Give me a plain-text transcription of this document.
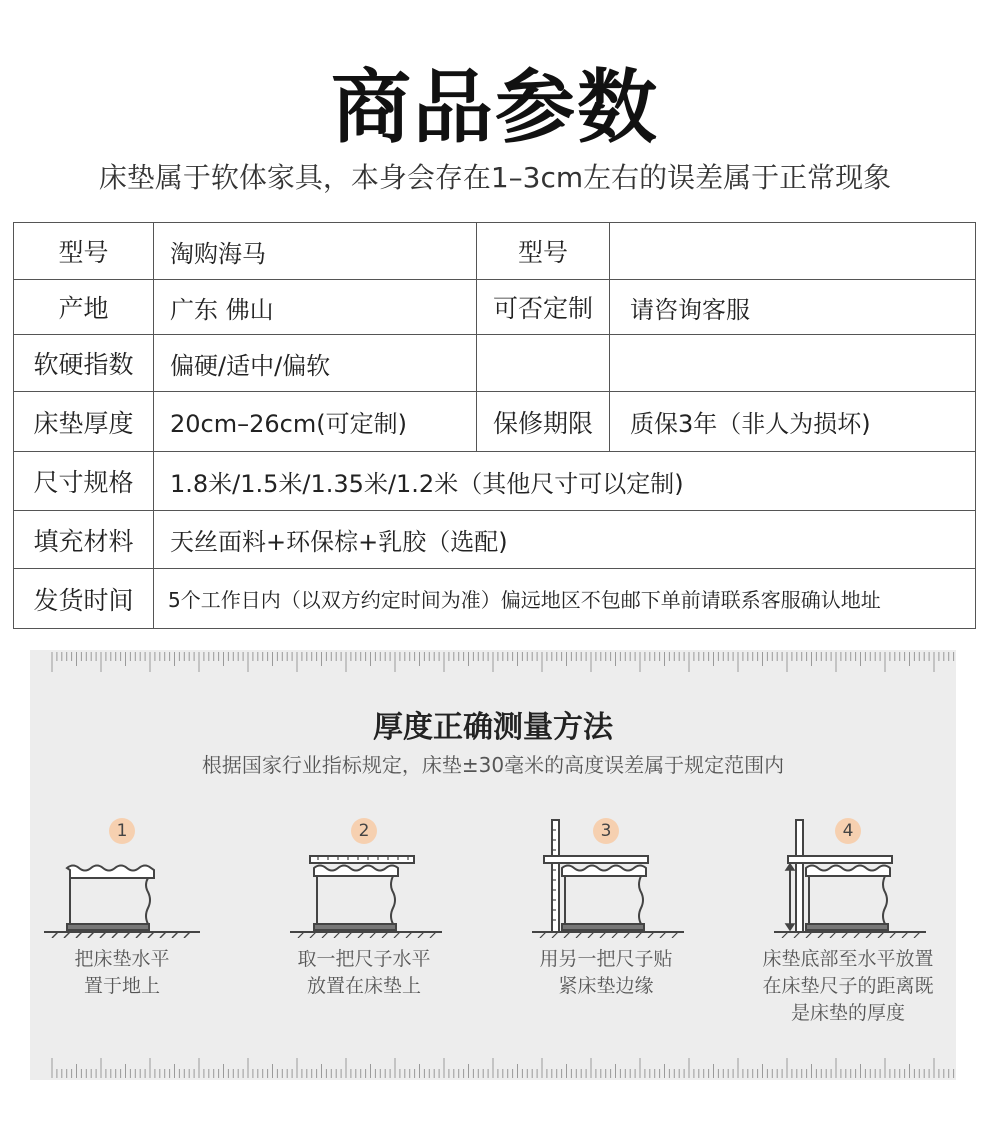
商品参数
床垫属于软体家具，本身会存在1–3cm左右的误差属于正常现象
型号	淘购海马	型号	
产地	广东 佛山	可否定制	请咨询客服
软硬指数	偏硬/适中/偏软		
床垫厚度	20cm–26cm(可定制)	保修期限	质保3年（非人为损坏)
尺寸规格	1.8米/1.5米/1.35米/1.2米（其他尺寸可以定制)		
填充材料	天丝面料+环保棕+乳胶（选配)		
发货时间	5个工作日内（以双方约定时间为准）偏远地区不包邮下单前请联系客服确认地址		
厚度正确测量方法
根据国家行业指标规定，床垫±30毫米的高度误差属于规定范围内
1
把床垫水平
置于地上
2
取一把尺子水平
放置在床垫上
3
用另一把尺子贴
紧床垫边缘
4
床垫底部至水平放置
在床垫尺子的距离既
是床垫的厚度
